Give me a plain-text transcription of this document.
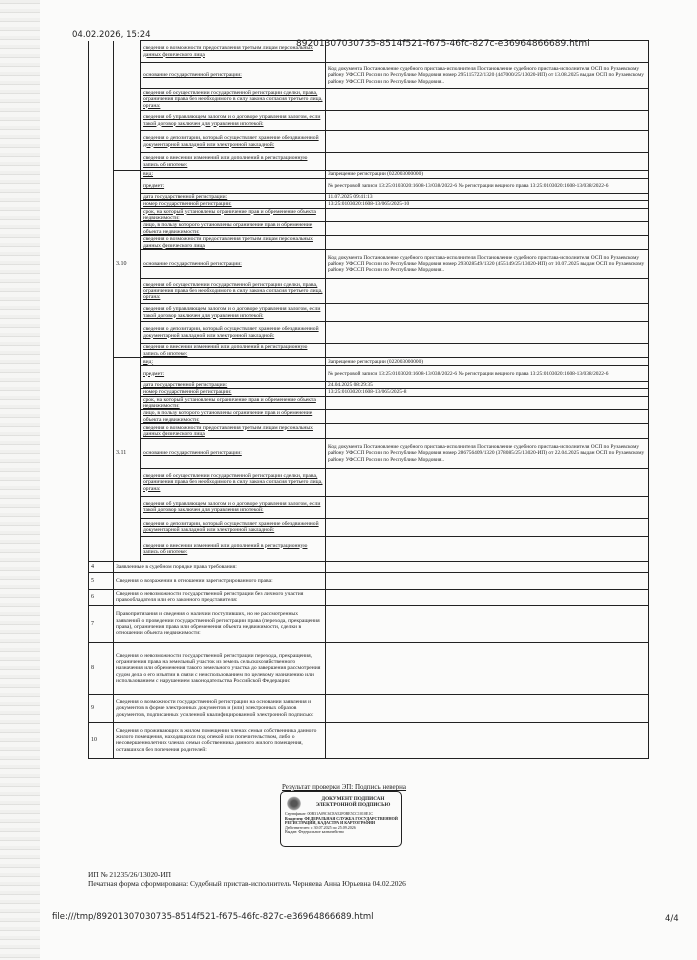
04.02.2026, 15:24
89201307030735-8514f521-f675-46fc-827c-e36964866689.html
		сведения о возможности предоставления третьим лицам персональных данных физического лица	
		основание государственной регистрации:	Код документа Постановление судебного пристава-исполнителя Постановление судебного пристава-исполнителя ОСП по Рузаевскому району УФССП России по Республике Мордовия номер 295115722/1320 (447000/25/13020-ИП) от 13.08.2025 выдан ОСП по Рузаевскому району УФССП России по Республике Мордовия..
		сведения об осуществлении государственной регистрации сделки, права, ограничения права без необходимого в силу закона согласия третьего лица, органа:	
		сведения об управляющем залогом и о договоре управления залогом, если такой договор заключен для управления ипотекой:	
		сведения о депозитарии, который осуществляет хранение обездвиженной документарной закладной или электронной закладной:	
		сведения о внесении изменений или дополнений в регистрационную запись об ипотеке:	
		вид:	Запрещение регистрации (022003000000)
		предмет:	№ реестровой записи 13:25:0103020:1608-13/038/2022-6 № регистрации вещного права 13:25:0103020:1608-13/038/2022-6
		дата государственной регистрации:	11.07.2025 09:41:13
		номер государственной регистрации:	13:25:0103020:1608-13/065/2025-10
		срок, на который установлены ограничение прав и обременение объекта недвижимости:	
		лицо, в пользу которого установлены ограничение прав и обременение объекта недвижимости:	
		сведения о возможности предоставления третьим лицам персональных данных физического лица	
	3.10	основание государственной регистрации:	Код документа Постановление судебного пристава-исполнителя Постановление судебного пристава-исполнителя ОСП по Рузаевскому району УФССП России по Республике Мордовия номер 293028549/1320 (455149/25/13020-ИП) от 10.07.2025 выдан ОСП по Рузаевскому району УФССП России по Республике Мордовия..
		сведения об осуществлении государственной регистрации сделки, права, ограничения права без необходимого в силу закона согласия третьего лица, органа:	
		сведения об управляющем залогом и о договоре управления залогом, если такой договор заключен для управления ипотекой:	
		сведения о депозитарии, который осуществляет хранение обездвиженной документарной закладной или электронной закладной:	
		сведения о внесении изменений или дополнений в регистрационную запись об ипотеке:	
		вид:	Запрещение регистрации (022003000000)
		предмет:	№ реестровой записи 13:25:0103020:1608-13/038/2022-6 № регистрации вещного права 13:25:0103020:1608-13/038/2022-6
		дата государственной регистрации:	24.04.2025 08:29:35
		номер государственной регистрации:	13:25:0103020:1608-13/065/2025-8
		срок, на который установлены ограничение прав и обременение объекта недвижимости:	
		лицо, в пользу которого установлены ограничение прав и обременение объекта недвижимости:	
		сведения о возможности предоставления третьим лицам персональных данных физического лица	
	3.11	основание государственной регистрации:	Код документа Постановление судебного пристава-исполнителя Постановление судебного пристава-исполнителя ОСП по Рузаевскому району УФССП России по Республике Мордовия номер 286756409/1320 (378085/25/13020-ИП) от 22.04.2025 выдан ОСП по Рузаевскому району УФССП России по Республике Мордовия..
		сведения об осуществлении государственной регистрации сделки, права, ограничения права без необходимого в силу закона согласия третьего лица, органа:	
		сведения об управляющем залогом и о договоре управления залогом, если такой договор заключен для управления ипотекой:	
		сведения о депозитарии, который осуществляет хранение обездвиженной документарной закладной или электронной закладной:	
		сведения о внесении изменений или дополнений в регистрационную запись об ипотеке:	
4	Заявленные в судебном порядке права требования:		
5	Сведения о возражении в отношении зарегистрированного права:		
6	Сведения о невозможности государственной регистрации без личного участия правообладателя или его законного представителя:		
7	Правопритязания и сведения о наличии поступивших, но не рассмотренных заявлений о проведении государственной регистрации права (перехода, прекращения права), ограничения права или обременения объекта недвижимости, сделки в отношении объекта недвижимости:		
8	Сведения о невозможности государственной регистрации перехода, прекращения, ограничения права на земельный участок из земель сельскохозяйственного назначения или обременения такого земельного участка до завершения рассмотрения судом дела о его изъятии в связи с неиспользованием по целевому назначению или использованием с нарушением законодательства Российской Федерации:		
9	Сведения о возможности государственной регистрации на основании заявления и документов в форме электронных документов и (или) электронных образов документов, подписанных усиленной квалифицированной электронной подписью:		
10	Сведения о проживающих в жилом помещении членах семьи собственника данного жилого помещения, находящихся под опекой или попечительством, либо о несовершеннолетних членах семьи собственника данного жилого помещения, оставшихся без попечения родителей:		
Результат проверки ЭП: Подпись неверна
ДОКУМЕНТ ПОДПИСАН ЭЛЕКТРОННОЙ ПОДПИСЬЮ
Сертификат: 00B31A09C6C8A52F0BE5CC1010E1C
Владелец: ФЕДЕРАЛЬНАЯ СЛУЖБА ГОСУДАРСТВЕННОЙ РЕГИСТРАЦИИ, КАДАСТРА И КАРТОГРАФИИ
Действителен: с 30.07.2025 по 25.09.2026
Выдан: Федеральное казначейство
ИП № 21235/26/13020-ИП
Печатная форма сформирована: Судебный пристав-исполнитель Черняева Анна Юрьевна 04.02.2026
file:///tmp/89201307030735-8514f521-f675-46fc-827c-e36964866689.html	4/4
